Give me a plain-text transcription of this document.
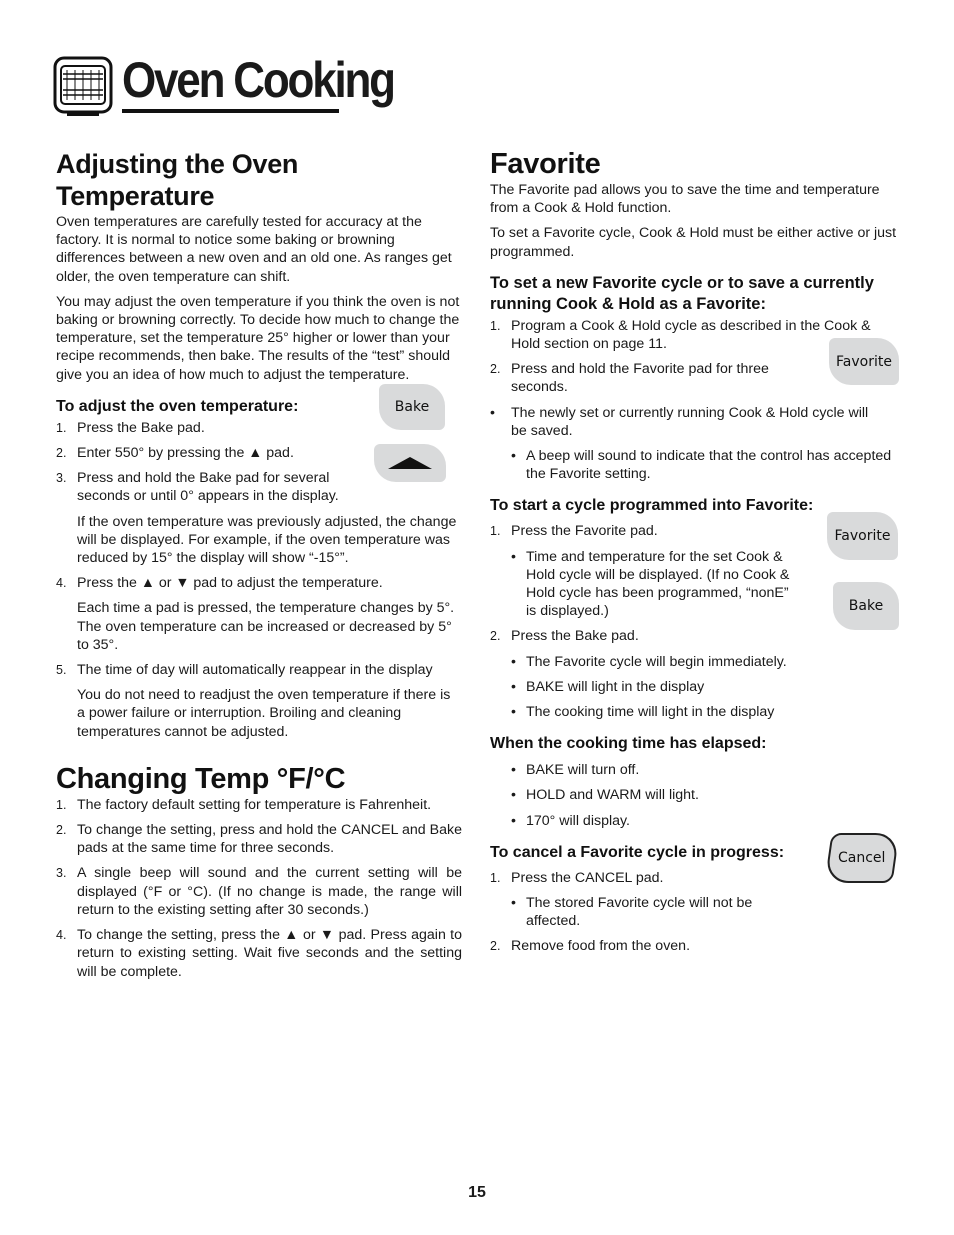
Oven Cooking
Adjusting the Oven Temperature

Oven temperatures are carefully tested for accuracy at the factory. It is normal to notice some baking or browning differences between a new oven and an old one. As ranges get older, the oven temperature can shift.

You may adjust the oven temperature if you think the oven is not baking or browning correctly. To decide how much to change the temperature, set the temperature 25° higher or lower than your recipe recommends, then bake. The results of the “test” should give you an idea of how much to adjust the temperature.

To adjust the oven temperature:
1. Press the Bake pad.
2. Enter 550° by pressing the ▲ pad.
3. Press and hold the Bake pad for several seconds or until 0° appears in the display.

If the oven temperature was previously adjusted, the change will be displayed. For example, if the oven temperature was reduced by 15° the display will show “-15°”.

4. Press the ▲ or ▼ pad to adjust the temperature.

Each time a pad is pressed, the temperature changes by 5°. The oven temperature can be increased or decreased by 5° to 35°.

5. The time of day will automatically reappear in the display

You do not need to readjust the oven temperature if there is a power failure or interruption. Broiling and cleaning temperatures cannot be adjusted.

Changing Temp °F/°C
1. The factory default setting for temperature is Fahrenheit.
2. To change the setting, press and hold the CANCEL and Bake pads at the same time for three seconds.
3. A single beep will sound and the current setting will be displayed (°F or °C). (If no change is made, the range will return to the existing setting after 30 seconds.)
4. To change the setting, press the ▲ or ▼ pad. Press again to return to existing setting. Wait five seconds and the setting will be complete.
Bake
Favorite

The Favorite pad allows you to save the time and temperature from a Cook & Hold function.

To set a Favorite cycle, Cook & Hold must be either active or just programmed.

To set a new Favorite cycle or to save a currently running Cook & Hold as a Favorite:
1. Program a Cook & Hold cycle as described in the Cook & Hold section on page 11.
2. Press and hold the Favorite pad for three seconds.
• The newly set or currently running Cook & Hold cycle will be saved.
• A beep will sound to indicate that the control has accepted the Favorite setting.
To start a cycle programmed into Favorite:
1. Press the Favorite pad.
• Time and temperature for the set Cook & Hold cycle will be displayed. (If no Cook & Hold cycle has been programmed, “nonE” is displayed.)
2. Press the Bake pad.
• The Favorite cycle will begin immediately.
• BAKE will light in the display
• The cooking time will light in the display
When the cooking time has elapsed:
• BAKE will turn off.
• HOLD and WARM will light.
• 170° will display.
To cancel a Favorite cycle in progress:
1. Press the CANCEL pad.
• The stored Favorite cycle will not be affected.
2. Remove food from the oven.
Favorite
Favorite
Bake
Cancel
15
